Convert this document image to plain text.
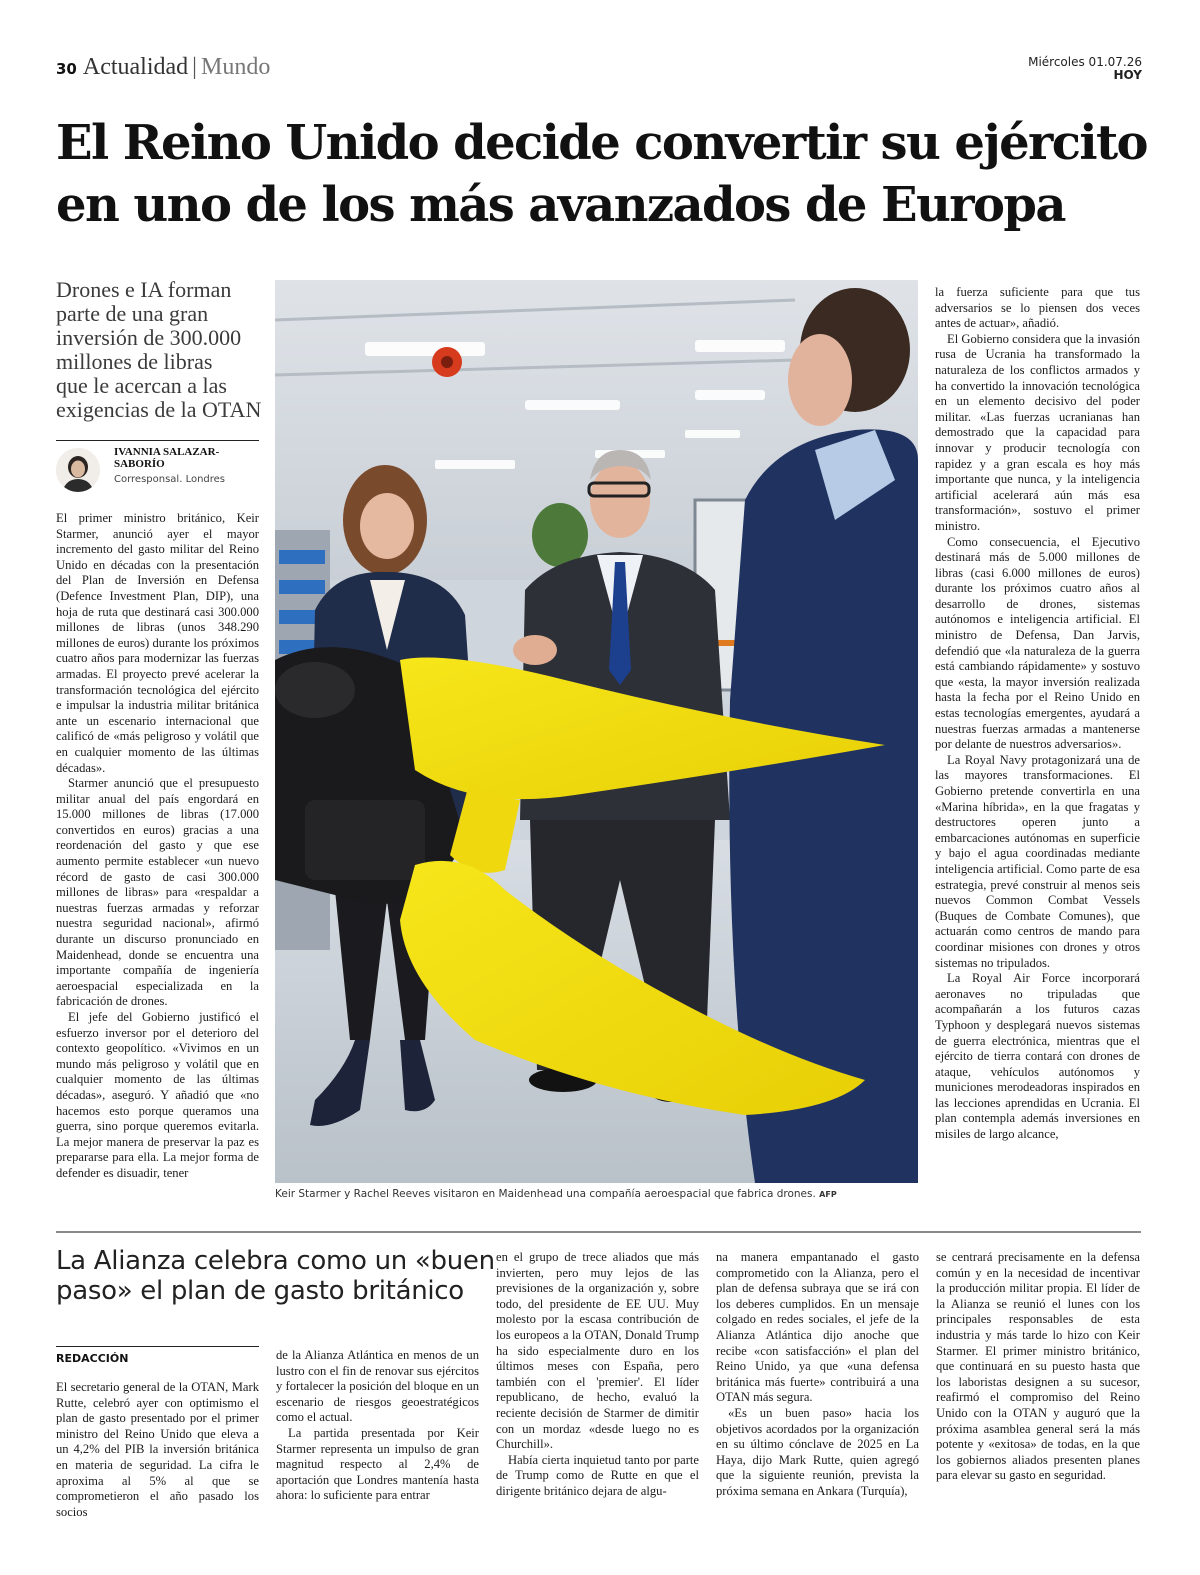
30 Actualidad | Mundo	Miércoles 01.07.26
HOY
El Reino Unido decide convertir su ejército
en uno de los más avanzados de Europa
Drones e IA forman
parte de una gran
inversión de 300.000
millones de libras
que le acercan a las
exigencias de la OTAN
IVANNIA SALAZAR-
SABORÍO
Corresponsal. Londres

El primer ministro británico, Keir Starmer, anunció ayer el mayor incremento del gasto militar del Reino Unido en décadas con la presentación del Plan de Inversión en Defensa (Defence Investment Plan, DIP), una hoja de ruta que destinará casi 300.000 millones de libras (unos 348.290 millones de euros) durante los próximos cuatro años para modernizar las fuerzas armadas. El proyecto prevé acelerar la transformación tecnológica del ejército e impulsar la industria militar británica ante un escenario internacional que calificó de «más peligroso y volátil que en cualquier momento de las últimas décadas».

Starmer anunció que el presupuesto militar anual del país engordará en 15.000 millones de libras (17.000 convertidos en euros) gracias a una reordenación del gasto y que ese aumento permite establecer «un nuevo récord de gasto de casi 300.000 millones de libras» para «respaldar a nuestras fuerzas armadas y reforzar nuestra seguridad nacional», afirmó durante un discurso pronunciado en Maidenhead, donde se encuentra una importante compañía de ingeniería aeroespacial especializada en la fabricación de drones.

El jefe del Gobierno justificó el esfuerzo inversor por el deterioro del contexto geopolítico. «Vivimos en un mundo más peligroso y volátil que en cualquier momento de las últimas décadas», aseguró. Y añadió que «no hacemos esto porque queramos una guerra, sino porque queremos evitarla. La mejor manera de preservar la paz es prepararse para ella. La mejor forma de defender es disuadir, tener

Keir Starmer y Rachel Reeves visitaron en Maidenhead una compañía aeroespacial que fabrica drones. AFP

la fuerza suficiente para que tus adversarios se lo piensen dos veces antes de actuar», añadió.

El Gobierno considera que la invasión rusa de Ucrania ha transformado la naturaleza de los conflictos armados y ha convertido la innovación tecnológica en un elemento decisivo del poder militar. «Las fuerzas ucranianas han demostrado que la capacidad para innovar y producir tecnología con rapidez y a gran escala es hoy más importante que nunca, y la inteligencia artificial acelerará aún más esa transformación», sostuvo el primer ministro.

Como consecuencia, el Ejecutivo destinará más de 5.000 millones de libras (casi 6.000 millones de euros) durante los próximos cuatro años al desarrollo de drones, sistemas autónomos e inteligencia artificial. El ministro de Defensa, Dan Jarvis, defendió que «la naturaleza de la guerra está cambiando rápidamente» y sostuvo que «esta, la mayor inversión realizada hasta la fecha por el Reino Unido en estas tecnologías emergentes, ayudará a nuestras fuerzas armadas a mantenerse por delante de nuestros adversarios».

La Royal Navy protagonizará una de las mayores transformaciones. El Gobierno pretende convertirla en una «Marina híbrida», en la que fragatas y destructores operen junto a embarcaciones autónomas en superficie y bajo el agua coordinadas mediante inteligencia artificial. Como parte de esa estrategia, prevé construir al menos seis nuevos Common Combat Vessels (Buques de Combate Comunes), que actuarán como centros de mando para coordinar misiones con drones y otros sistemas no tripulados.

La Royal Air Force incorporará aeronaves no tripuladas que acompañarán a los futuros cazas Typhoon y desplegará nuevos sistemas de guerra electrónica, mientras que el ejército de tierra contará con drones de ataque, vehículos autónomos y municiones merodeadoras inspirados en las lecciones aprendidas en Ucrania. El plan contempla además inversiones en misiles de largo alcance,

La Alianza celebra como un «buen
paso» el plan de gasto británico
REDACCIÓN

El secretario general de la OTAN, Mark Rutte, celebró ayer con optimismo el plan de gasto presentado por el primer ministro del Reino Unido que eleva a un 4,2% del PIB la inversión británica en materia de seguridad. La cifra le aproxima al 5% al que se comprometieron el año pasado los socios

de la Alianza Atlántica en menos de un lustro con el fin de renovar sus ejércitos y fortalecer la posición del bloque en un escenario de riesgos geoestratégicos como el actual.

La partida presentada por Keir Starmer representa un impulso de gran magnitud respecto al 2,4% de aportación que Londres mantenía hasta ahora: lo suficiente para entrar

en el grupo de trece aliados que más invierten, pero muy lejos de las previsiones de la organización y, sobre todo, del presidente de EE UU. Muy molesto por la escasa contribución de los europeos a la OTAN, Donald Trump ha sido especialmente duro en los últimos meses con España, pero también con el 'premier'. El líder republicano, de hecho, evaluó la reciente decisión de Starmer de dimitir con un mordaz «desde luego no es Churchill».

Había cierta inquietud tanto por parte de Trump como de Rutte en que el dirigente británico dejara de algu-

na manera empantanado el gasto comprometido con la Alianza, pero el plan de defensa subraya que se irá con los deberes cumplidos. En un mensaje colgado en redes sociales, el jefe de la Alianza Atlántica dijo anoche que recibe «con satisfacción» el plan del Reino Unido, ya que «una defensa británica más fuerte» contribuirá a una OTAN más segura.

«Es un buen paso» hacia los objetivos acordados por la organización en su último cónclave de 2025 en La Haya, dijo Mark Rutte, quien agregó que la siguiente reunión, prevista la próxima semana en Ankara (Turquía),

se centrará precisamente en la defensa común y en la necesidad de incentivar la producción militar propia. El líder de la Alianza se reunió el lunes con los principales responsables de esta industria y más tarde lo hizo con Keir Starmer. El primer ministro británico, que continuará en su puesto hasta que los laboristas designen a su sucesor, reafirmó el compromiso del Reino Unido con la OTAN y auguró que la próxima asamblea general será la más potente y «exitosa» de todas, en la que los gobiernos aliados presenten planes para elevar su gasto en seguridad.
